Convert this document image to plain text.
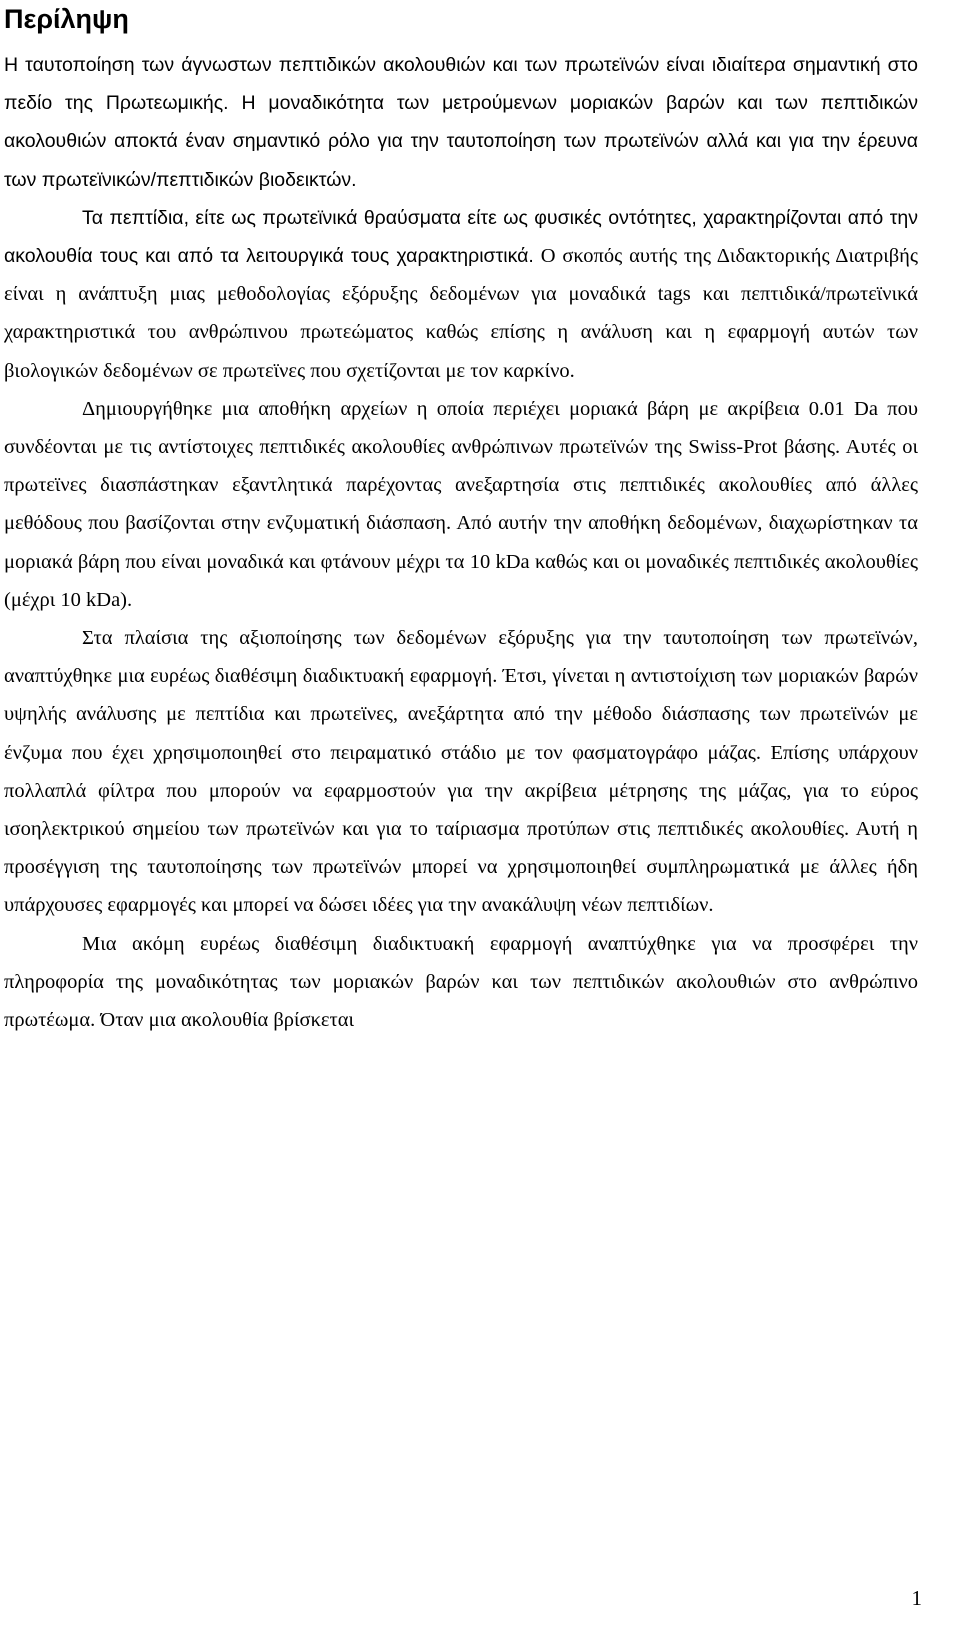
Περίληψη

Η ταυτοποίηση των άγνωστων πεπτιδικών ακολουθιών και των πρωτεϊνών είναι ιδιαίτερα σημαντική στο πεδίο της Πρωτεωμικής. Η μοναδικότητα των μετρούμενων μοριακών βαρών και των πεπτιδικών ακολουθιών αποκτά έναν σημαντικό ρόλο για την ταυτοποίηση των πρωτεϊνών αλλά και για την έρευνα των πρωτεϊνικών/πεπτιδικών βιοδεικτών.

Τα πεπτίδια, είτε ως πρωτεϊνικά θραύσματα είτε ως φυσικές οντότητες, χαρακτηρίζονται από την ακολουθία τους και από τα λειτουργικά τους χαρακτηριστικά. Ο σκοπός αυτής της Διδακτορικής Διατριβής είναι η ανάπτυξη μιας μεθοδολογίας εξόρυξης δεδομένων για μοναδικά tags και πεπτιδικά/πρωτεϊνικά χαρακτηριστικά του ανθρώπινου πρωτεώματος καθώς επίσης η ανάλυση και η εφαρμογή αυτών των βιολογικών δεδομένων σε πρωτεϊνες που σχετίζονται με τον καρκίνο.

Δημιουργήθηκε μια αποθήκη αρχείων η οποία περιέχει μοριακά βάρη με ακρίβεια 0.01 Da που συνδέονται με τις αντίστοιχες πεπτιδικές ακολουθίες ανθρώπινων πρωτεϊνών της Swiss-Prot βάσης. Αυτές οι πρωτεϊνες διασπάστηκαν εξαντλητικά παρέχοντας ανεξαρτησία στις πεπτιδικές ακολουθίες από άλλες μεθόδους που βασίζονται στην ενζυματική διάσπαση. Από αυτήν την αποθήκη δεδομένων, διαχωρίστηκαν τα μοριακά βάρη που είναι μοναδικά και φτάνουν μέχρι τα 10 kDa καθώς και οι μοναδικές πεπτιδικές ακολουθίες (μέχρι 10 kDa).

Στα πλαίσια της αξιοποίησης των δεδομένων εξόρυξης για την ταυτοποίηση των πρωτεϊνών, αναπτύχθηκε μια ευρέως διαθέσιμη διαδικτυακή εφαρμογή. Έτσι, γίνεται η αντιστοίχιση των μοριακών βαρών υψηλής ανάλυσης με πεπτίδια και πρωτεϊνες, ανεξάρτητα από την μέθοδο διάσπασης των πρωτεϊνών με ένζυμα που έχει χρησιμοποιηθεί στο πειραματικό στάδιο με τον φασματογράφο μάζας. Επίσης υπάρχουν πολλαπλά φίλτρα που μπορούν να εφαρμοστούν για την ακρίβεια μέτρησης της μάζας, για το εύρος ισοηλεκτρικού σημείου των πρωτεϊνών και για το ταίριασμα προτύπων στις πεπτιδικές ακολουθίες. Αυτή η προσέγγιση της ταυτοποίησης των πρωτεϊνών μπορεί να χρησιμοποιηθεί συμπληρωματικά με άλλες ήδη υπάρχουσες εφαρμογές και μπορεί να δώσει ιδέες για την ανακάλυψη νέων πεπτιδίων.

Μια ακόμη ευρέως διαθέσιμη διαδικτυακή εφαρμογή αναπτύχθηκε για να προσφέρει την πληροφορία της μοναδικότητας των μοριακών βαρών και των πεπτιδικών ακολουθιών στο ανθρώπινο πρωτέωμα. Όταν μια ακολουθία βρίσκεται

1
